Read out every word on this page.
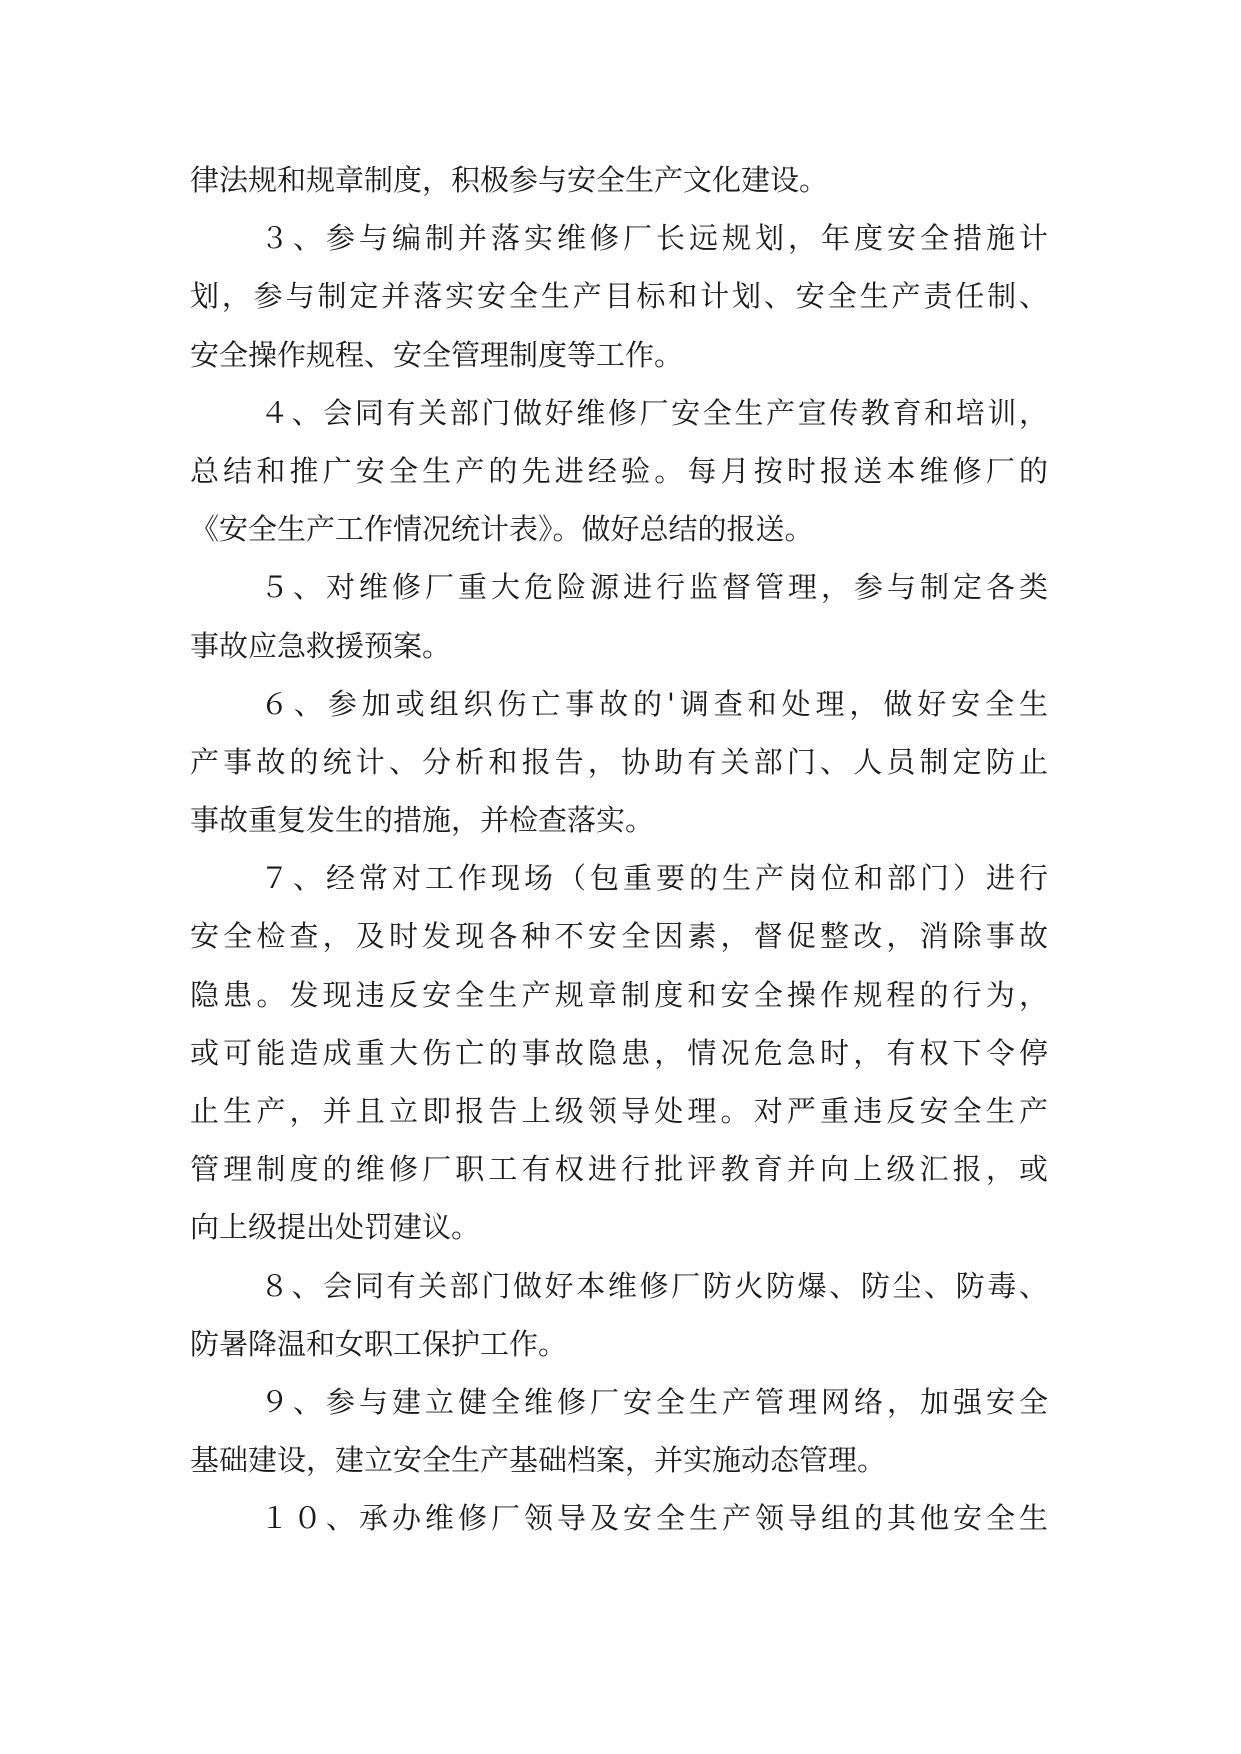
律法规和规章制度，积极参与安全生产文化建设。
３、参与编制并落实维修厂长远规划，年度安全措施计
划，参与制定并落实安全生产目标和计划、安全生产责任制、
安全操作规程、安全管理制度等工作。
４、会同有关部门做好维修厂安全生产宣传教育和培训，
总结和推广安全生产的先进经验。每月按时报送本维修厂的
《安全生产工作情况统计表》。做好总结的报送。
５、对维修厂重大危险源进行监督管理，参与制定各类
事故应急救援预案。
６、参加或组织伤亡事故的'调查和处理，做好安全生
产事故的统计、分析和报告，协助有关部门、人员制定防止
事故重复发生的措施，并检查落实。
７、经常对工作现场（包重要的生产岗位和部门）进行
安全检查，及时发现各种不安全因素，督促整改，消除事故
隐患。发现违反安全生产规章制度和安全操作规程的行为，
或可能造成重大伤亡的事故隐患，情况危急时，有权下令停
止生产，并且立即报告上级领导处理。对严重违反安全生产
管理制度的维修厂职工有权进行批评教育并向上级汇报，或
向上级提出处罚建议。
８、会同有关部门做好本维修厂防火防爆、防尘、防毒、
防暑降温和女职工保护工作。
９、参与建立健全维修厂安全生产管理网络，加强安全
基础建设，建立安全生产基础档案，并实施动态管理。
１０、承办维修厂领导及安全生产领导组的其他安全生
